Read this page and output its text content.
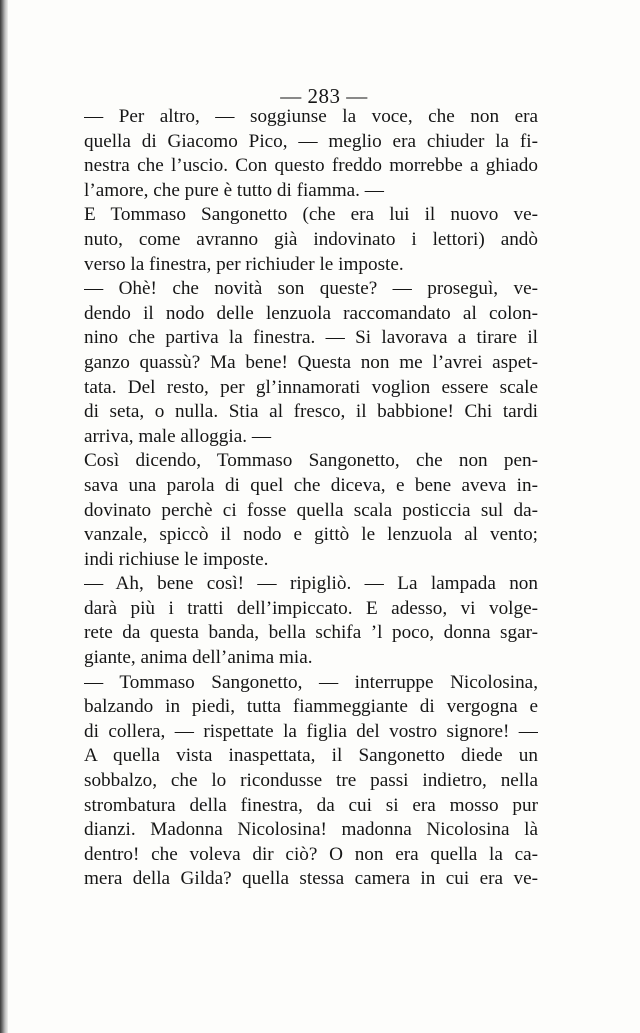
— 283 —
— Per altro, — soggiunse la voce, che non era
quella di Giacomo Pico, — meglio era chiuder la fi-
nestra che l’uscio. Con questo freddo morrebbe a ghiado
l’amore, che pure è tutto di fiamma. —
E Tommaso Sangonetto (che era lui il nuovo ve-
nuto, come avranno già indovinato i lettori) andò
verso la finestra, per richiuder le imposte.
— Ohè! che novità son queste? — proseguì, ve-
dendo il nodo delle lenzuola raccomandato al colon-
nino che partiva la finestra. — Si lavorava a tirare il
ganzo quassù? Ma bene! Questa non me l’avrei aspet-
tata. Del resto, per gl’innamorati voglion essere scale
di seta, o nulla. Stia al fresco, il babbione! Chi tardi
arriva, male alloggia. —
Così dicendo, Tommaso Sangonetto, che non pen-
sava una parola di quel che diceva, e bene aveva in-
dovinato perchè ci fosse quella scala posticcia sul da-
vanzale, spiccò il nodo e gittò le lenzuola al vento;
indi richiuse le imposte.
— Ah, bene così! — ripigliò. — La lampada non
darà più i tratti dell’impiccato. E adesso, vi volge-
rete da questa banda, bella schifa ’l poco, donna sgar-
giante, anima dell’anima mia.
— Tommaso Sangonetto, — interruppe Nicolosina,
balzando in piedi, tutta fiammeggiante di vergogna e
di collera, — rispettate la figlia del vostro signore! —
A quella vista inaspettata, il Sangonetto diede un
sobbalzo, che lo ricondusse tre passi indietro, nella
strombatura della finestra, da cui si era mosso pur
dianzi. Madonna Nicolosina! madonna Nicolosina là
dentro! che voleva dir ciò? O non era quella la ca-
mera della Gilda? quella stessa camera in cui era ve-
